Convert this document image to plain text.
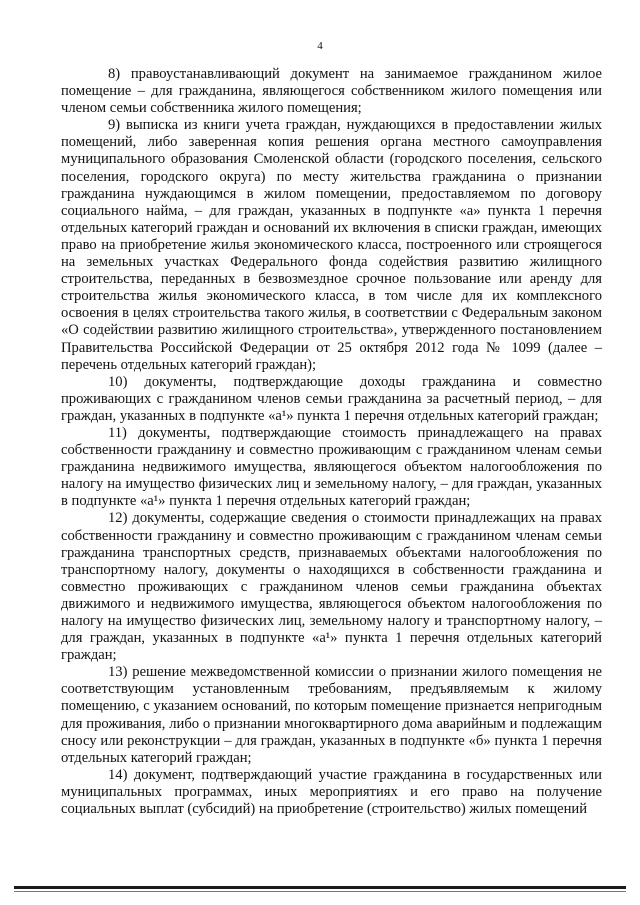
4

8) правоустанавливающий документ на занимаемое гражданином жилое помещение – для гражданина, являющегося собственником жилого помещения или членом семьи собственника жилого помещения;

9) выписка из книги учета граждан, нуждающихся в предоставлении жилых помещений, либо заверенная копия решения органа местного самоуправления муниципального образования Смоленской области (городского поселения, сельского поселения, городского округа) по месту жительства гражданина о признании гражданина нуждающимся в жилом помещении, предоставляемом по договору социального найма, – для граждан, указанных в подпункте «а» пункта 1 перечня отдельных категорий граждан и оснований их включения в списки граждан, имеющих право на приобретение жилья экономического класса, построенного или строящегося на земельных участках Федерального фонда содействия развитию жилищного строительства, переданных в безвозмездное срочное пользование или аренду для строительства жилья экономического класса, в том числе для их комплексного освоения в целях строительства такого жилья, в соответствии с Федеральным законом «О содействии развитию жилищного строительства», утвержденного постановлением Правительства Российской Федерации от 25 октября 2012 года № 1099 (далее – перечень отдельных категорий граждан);

10) документы, подтверждающие доходы гражданина и совместно проживающих с гражданином членов семьи гражданина за расчетный период, – для граждан, указанных в подпункте «а¹» пункта 1 перечня отдельных категорий граждан;

11) документы, подтверждающие стоимость принадлежащего на правах собственности гражданину и совместно проживающим с гражданином членам семьи гражданина недвижимого имущества, являющегося объектом налогообложения по налогу на имущество физических лиц и земельному налогу, – для граждан, указанных в подпункте «а¹» пункта 1 перечня отдельных категорий граждан;

12) документы, содержащие сведения о стоимости принадлежащих на правах собственности гражданину и совместно проживающим с гражданином членам семьи гражданина транспортных средств, признаваемых объектами налогообложения по транспортному налогу, документы о находящихся в собственности гражданина и совместно проживающих с гражданином членов семьи гражданина объектах движимого и недвижимого имущества, являющегося объектом налогообложения по налогу на имущество физических лиц, земельному налогу и транспортному налогу, – для граждан, указанных в подпункте «а¹» пункта 1 перечня отдельных категорий граждан;

13) решение межведомственной комиссии о признании жилого помещения не соответствующим установленным требованиям, предъявляемым к жилому помещению, с указанием оснований, по которым помещение признается непригодным для проживания, либо о признании многоквартирного дома аварийным и подлежащим сносу или реконструкции – для граждан, указанных в подпункте «б» пункта 1 перечня отдельных категорий граждан;

14) документ, подтверждающий участие гражданина в государственных или муниципальных программах, иных мероприятиях и его право на получение социальных выплат (субсидий) на приобретение (строительство) жилых помещений
